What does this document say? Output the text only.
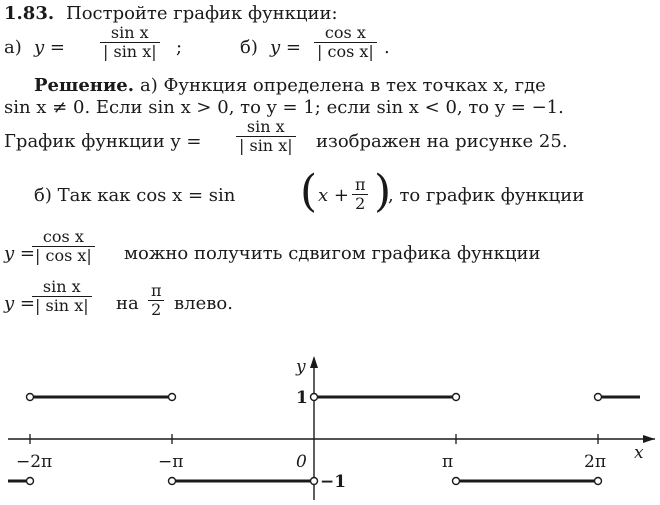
1.83. Постройте график функции:
а) $y = \frac{\text{sin x}}{\text{| sin x|}}$ ;	б) $y = \frac{\text{cos x}}{\text{| cos x|}}$ .
Решение. а) Функция определена в тех точках x, где
sin x ≠ 0. Если sin x > 0, то y = 1; если sin x < 0, то y = −1.
График функции $y = \frac{\text{sin x}}{\text{| sin x|}}$ изображен на рисунке 25.
б) Так как cos x = sin ( $x + \frac{\pi}{2}$ )
, то график функции
y =
$\frac{\text{cos x}}{\text{| cos x|}}$ можно получить сдвигом графика функции
y =
$\frac{\text{sin x}}{\text{| sin x|}}$ на $\frac{\pi}{2}$ влево.
x
y
−2π	−π	0	π	2π
1
−1
